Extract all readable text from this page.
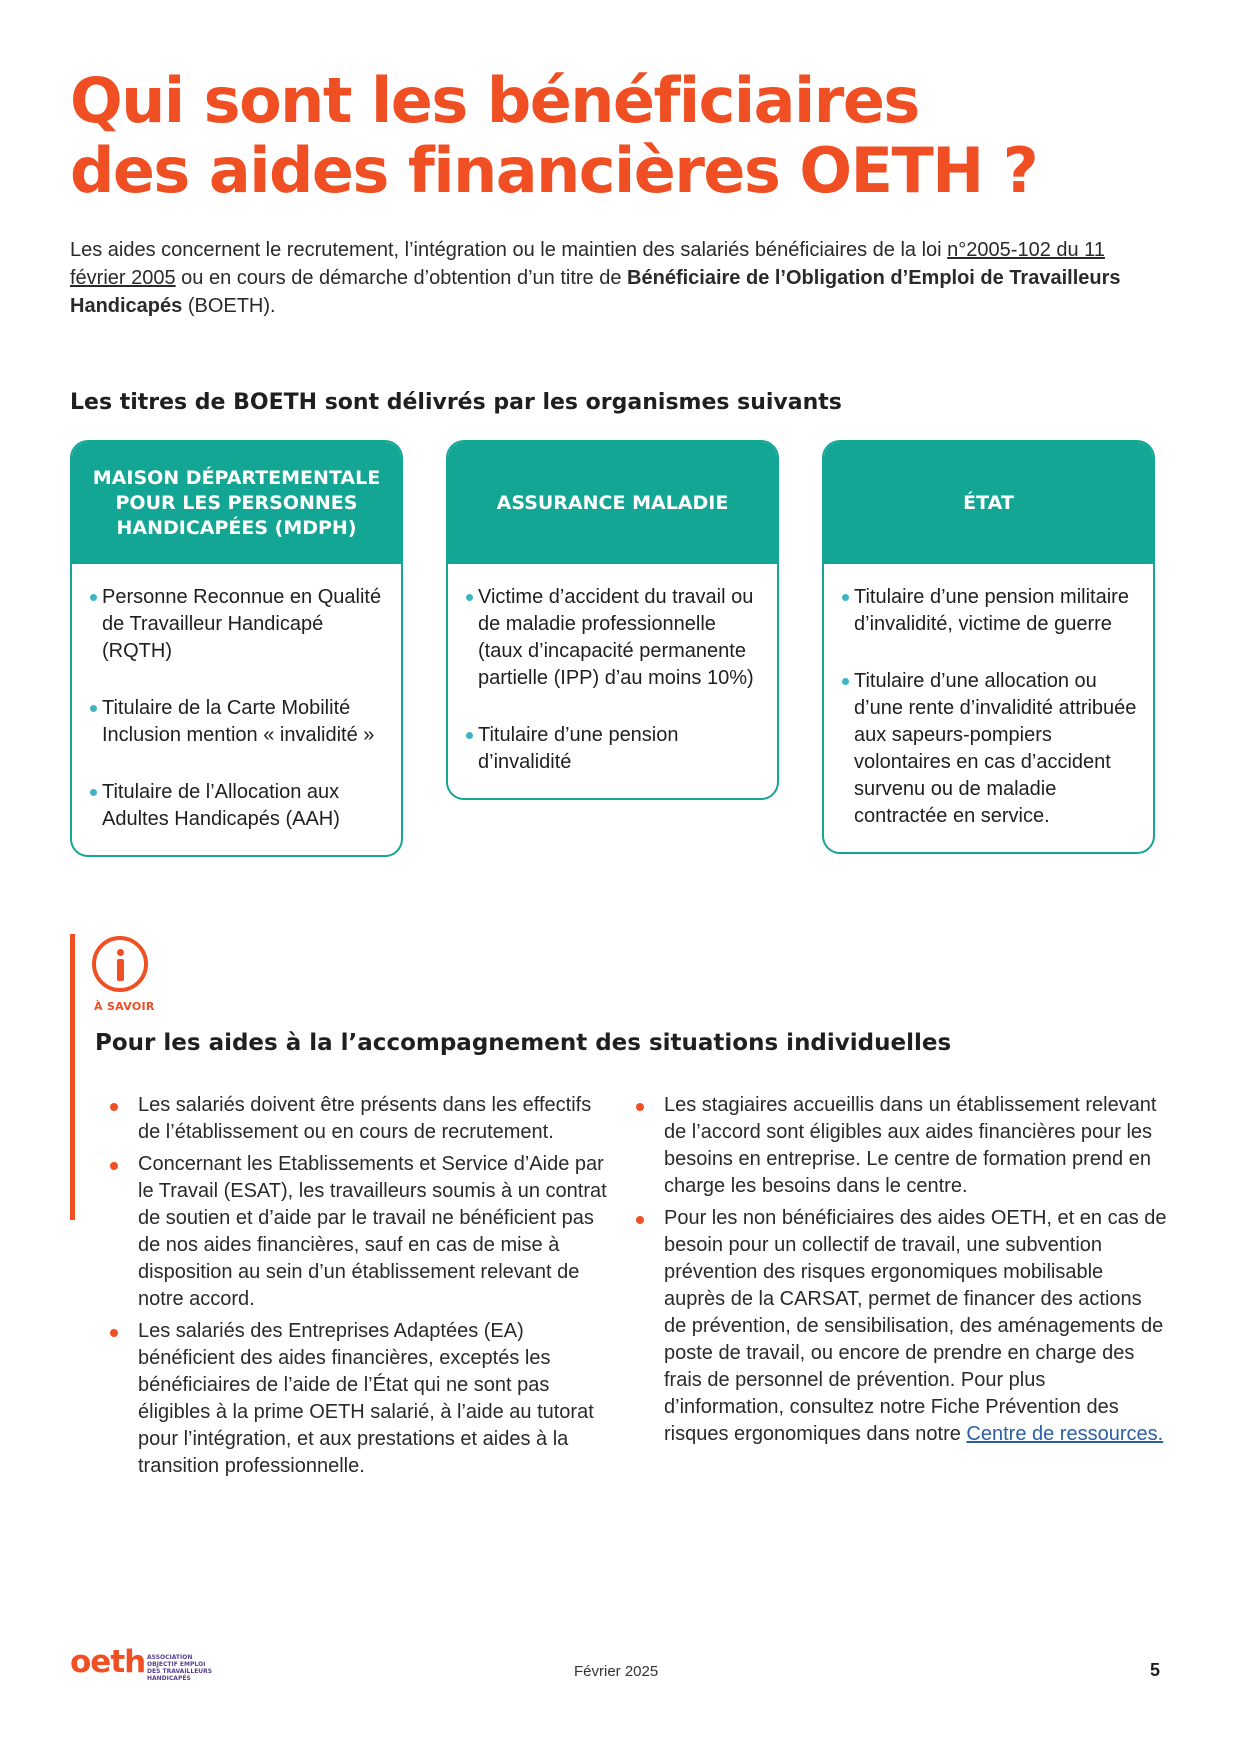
Qui sont les bénéficiaires
des aides financières OETH ?

Les aides concernent le recrutement, l’intégration ou le maintien des salariés bénéficiaires de la loi n°2005-102 du 11 février 2005 ou en cours de démarche d’obtention d’un titre de Bénéficiaire de l’Obligation d’Emploi de Travailleurs Handicapés (BOETH).

Les titres de BOETH sont délivrés par les organismes suivants
MAISON DÉPARTEMENTALE POUR LES PERSONNES HANDICAPÉES (MDPH)
Personne Reconnue en Qualité de Travailleur Handicapé (RQTH)
Titulaire de la Carte Mobilité Inclusion mention « invalidité »
Titulaire de l’Allocation aux Adultes Handicapés (AAH)
ASSURANCE MALADIE
Victime d’accident du travail ou de maladie professionnelle (taux d’incapacité permanente partielle (IPP) d’au moins 10%)
Titulaire d’une pension d’invalidité
ÉTAT
Titulaire d’une pension militaire d’invalidité, victime de guerre
Titulaire d’une allocation ou d’une rente d’invalidité attribuée aux sapeurs-pompiers volontaires en cas d’accident survenu ou de maladie contractée en service.
À SAVOIR
Pour les aides à la l’accompagnement des situations individuelles
Les salariés doivent être présents dans les effectifs de l’établissement ou en cours de recrutement.
Concernant les Etablissements et Service d’Aide par le Travail (ESAT), les travailleurs soumis à un contrat de soutien et d’aide par le travail ne bénéficient pas de nos aides financières, sauf en cas de mise à disposition au sein d’un établissement relevant de notre accord.
Les salariés des Entreprises Adaptées (EA) bénéficient des aides financières, exceptés les bénéficiaires de l’aide de l’État qui ne sont pas éligibles à la prime OETH salarié, à l’aide au tutorat pour l’intégration, et aux prestations et aides à la transition professionnelle.
Les stagiaires accueillis dans un établissement relevant de l’accord sont éligibles aux aides financières pour les besoins en entreprise. Le centre de formation prend en charge les besoins dans le centre.
Pour les non bénéficiaires des aides OETH, et en cas de besoin pour un collectif de travail, une subvention prévention des risques ergonomiques mobilisable auprès de la CARSAT, permet de financer des actions de prévention, de sensibilisation, des aménagements de poste de travail, ou encore de prendre en charge des frais de personnel de prévention. Pour plus d’information, consultez notre Fiche Prévention des risques ergonomiques dans notre Centre de ressources.
oeth ASSOCIATION OBJECTIF EMPLOI DES TRAVAILLEURS HANDICAPÉS	Février 2025	5
